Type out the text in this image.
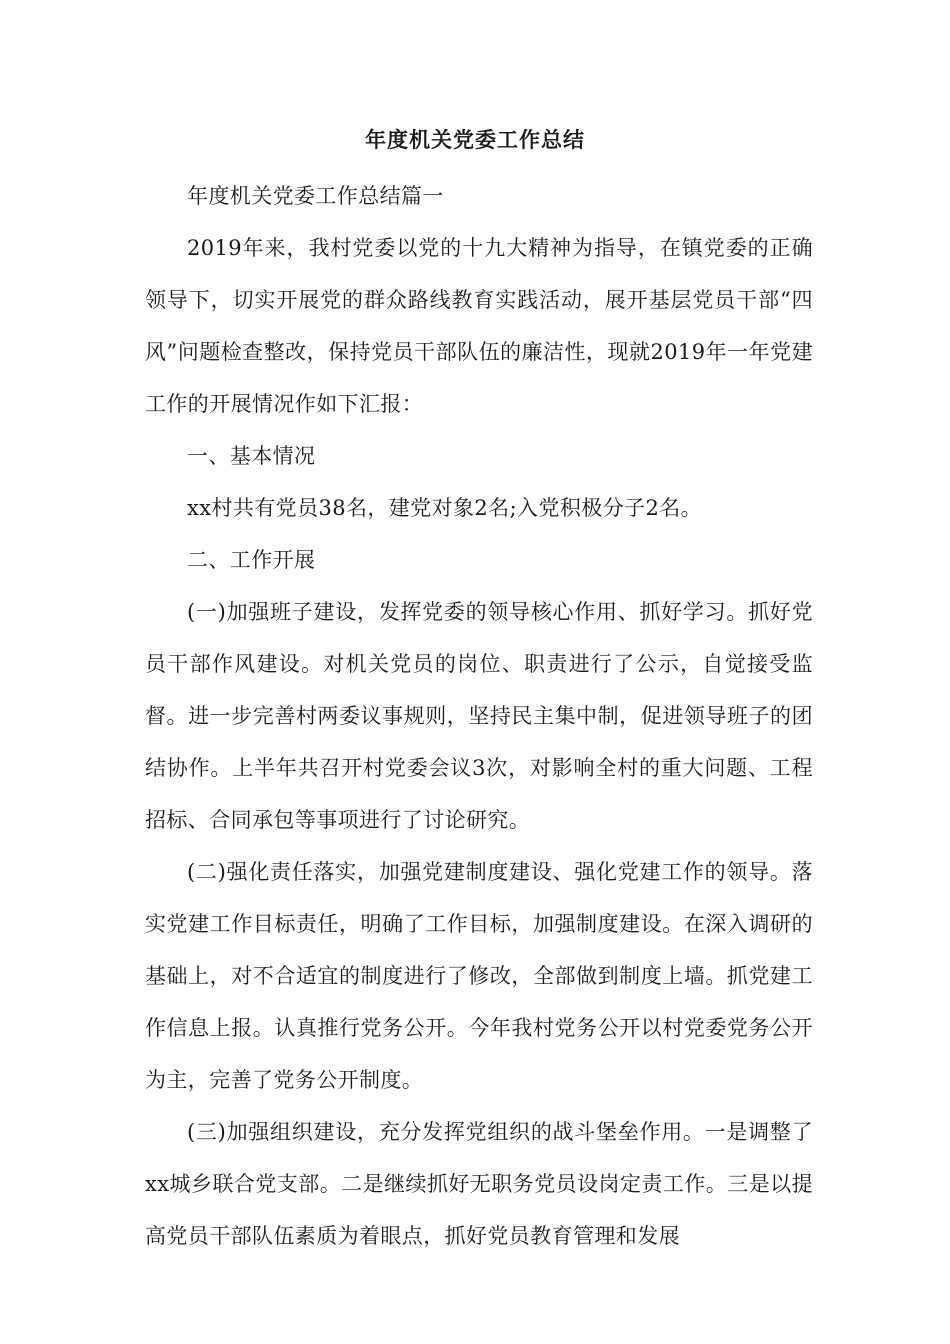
年度机关党委工作总结

年度机关党委工作总结篇一

2019年来，我村党委以党的十九大精神为指导，在镇党委的正确领导下，切实开展党的群众路线教育实践活动，展开基层党员干部“四风”问题检查整改，保持党员干部队伍的廉洁性，现就2019年一年党建工作的开展情况作如下汇报：

一、基本情况

xx村共有党员38名，建党对象2名;入党积极分子2名。

二、工作开展

(一)加强班子建设，发挥党委的领导核心作用、抓好学习。抓好党员干部作风建设。对机关党员的岗位、职责进行了公示，自觉接受监督。进一步完善村两委议事规则，坚持民主集中制，促进领导班子的团结协作。上半年共召开村党委会议3次，对影响全村的重大问题、工程招标、合同承包等事项进行了讨论研究。

(二)强化责任落实，加强党建制度建设、强化党建工作的领导。落实党建工作目标责任，明确了工作目标，加强制度建设。在深入调研的基础上，对不合适宜的制度进行了修改，全部做到制度上墙。抓党建工作信息上报。认真推行党务公开。今年我村党务公开以村党委党务公开为主，完善了党务公开制度。

(三)加强组织建设，充分发挥党组织的战斗堡垒作用。一是调整了xx城乡联合党支部。二是继续抓好无职务党员设岗定责工作。三是以提高党员干部队伍素质为着眼点，抓好党员教育管理和发展
